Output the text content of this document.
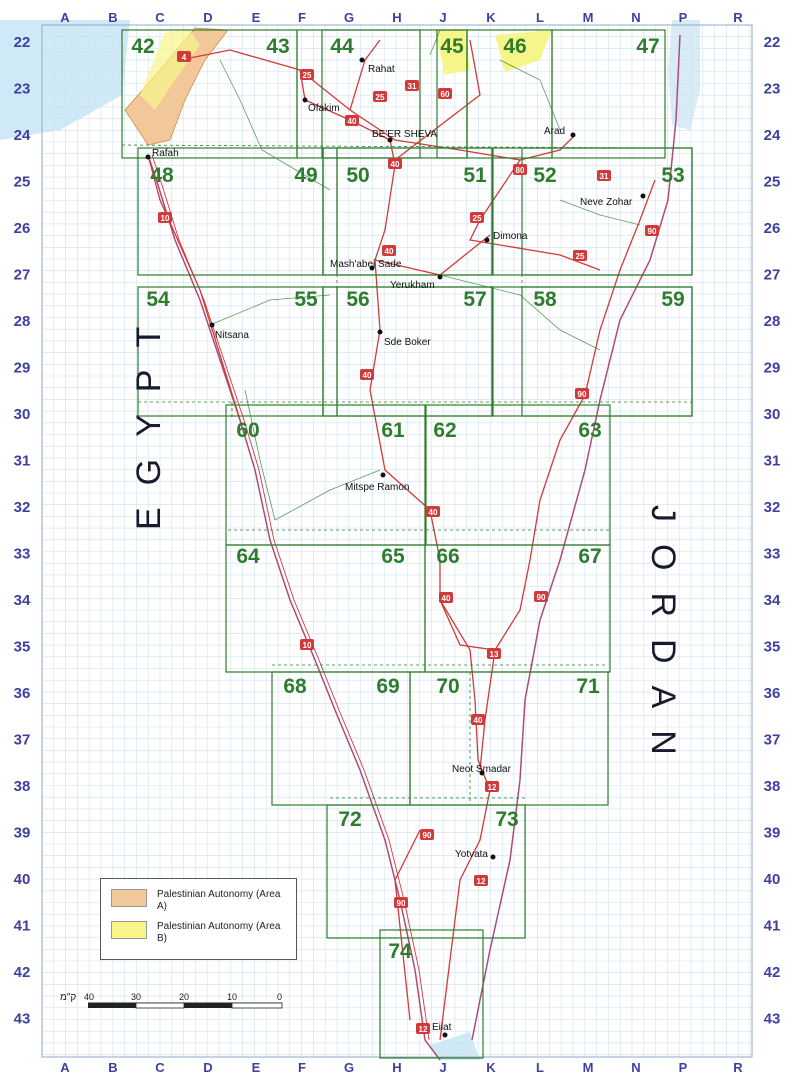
A
A
B
B
C
C
D
D
E
E
F
F
G
G
H
H
J
J
K
K
L
L
M
M
N
N
P
P
R
R
22	22
23	23
24	24
25	25
26	26
27	27
28	28
29	29
30	30
31	31
32	32
33	33
34	34
35	35
36	36
37	37
38	38
39	39
40	40
41	41
42	42
43	43
42	43 44	45 46	47
48	49 50	51 52	53
54	55 56	57 58	59
60	61 62	63
64	65 66	67
68	69 70	71
72	73
74
Rahat
Ofakim
BE'ER SHEVA	Arad
Rafah
Neve Zohar
Dimona
Mash'abei Sade
Yerukham
Nitsana
Sde Boker
Mitspe Ramon
Neot Smadar
Yotvata
Eilat
4
25
40
31
60
25
80
31
40
10	25
40
90
25
90
40
40
10
13
90
40
40
12
90
12
90
12
EGYPT
JORDAN
ק"מ 40	30	20	10	0
Palestinian Autonomy (Area A)
Palestinian Autonomy (Area B)
